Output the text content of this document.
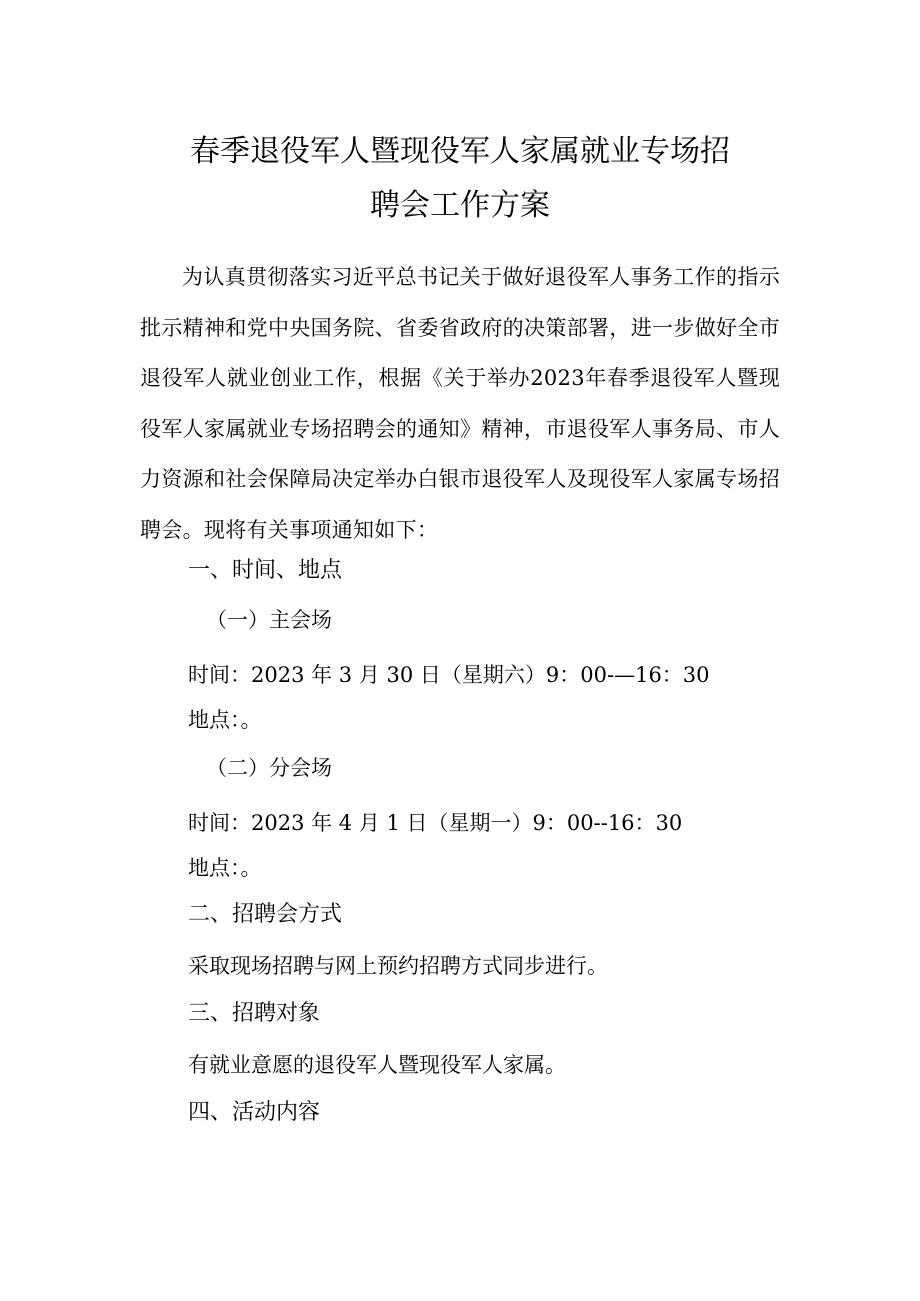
春季退役军人暨现役军人家属就业专场招
聘会工作方案

为认真贯彻落实习近平总书记关于做好退役军人事务工作的指示批示精神和党中央国务院、省委省政府的决策部署，进一步做好全市退役军人就业创业工作，根据《关于举办2023年春季退役军人暨现役军人家属就业专场招聘会的通知》精神，市退役军人事务局、市人力资源和社会保障局决定举办白银市退役军人及现役军人家属专场招聘会。现将有关事项通知如下：

一、时间、地点
（一）主会场
时间：2023 年 3 月 30 日（星期六）9：00-—16：30
地点：。
（二）分会场
时间：2023 年 4 月 1 日（星期一）9：00--16：30
地点：。
二、招聘会方式
采取现场招聘与网上预约招聘方式同步进行。
三、招聘对象
有就业意愿的退役军人暨现役军人家属。
四、活动内容
